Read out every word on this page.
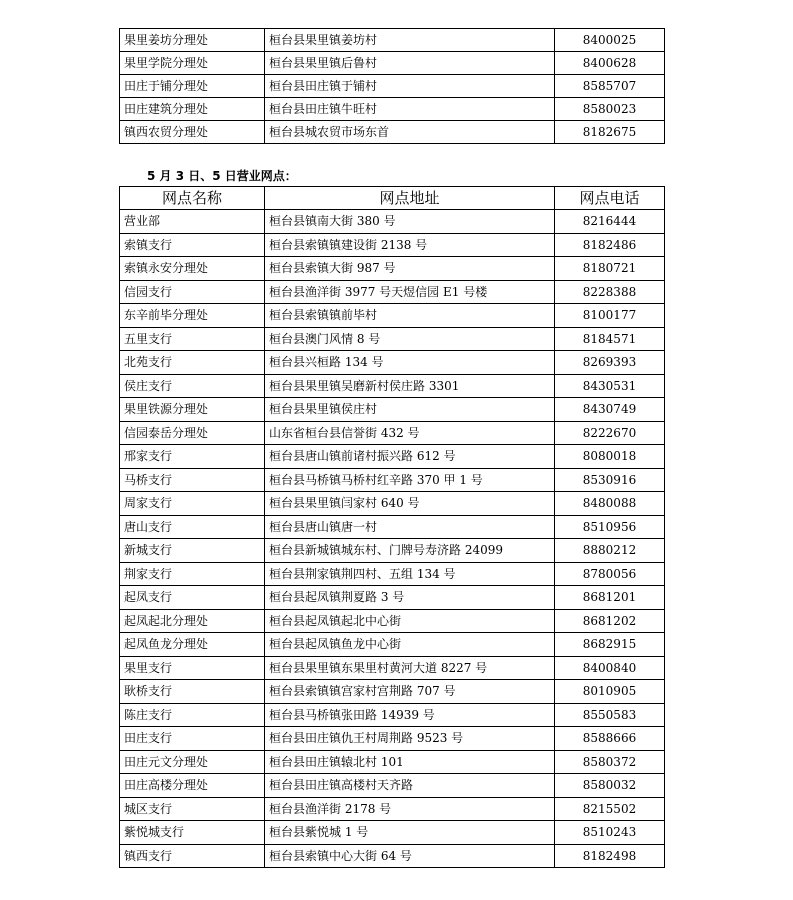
果里姜坊分理处	桓台县果里镇姜坊村	8400025
果里学院分理处	桓台县果里镇后鲁村	8400628
田庄于铺分理处	桓台县田庄镇于铺村	8585707
田庄建筑分理处	桓台县田庄镇牛旺村	8580023
镇西农贸分理处	桓台县城农贸市场东首	8182675
5 月 3 日、5 日营业网点：
网点名称	网点地址	网点电话
营业部	桓台县镇南大街 380 号	8216444
索镇支行	桓台县索镇镇建设街 2138 号	8182486
索镇永安分理处	桓台县索镇大街 987 号	8180721
信园支行	桓台县渔洋街 3977 号天煜信园 E1 号楼	8228388
东辛前毕分理处	桓台县索镇镇前毕村	8100177
五里支行	桓台县澳门风情 8 号	8184571
北苑支行	桓台县兴桓路 134 号	8269393
侯庄支行	桓台县果里镇吴磨新村侯庄路 3301	8430531
果里铁源分理处	桓台县果里镇侯庄村	8430749
信园泰岳分理处	山东省桓台县信誉街 432 号	8222670
邢家支行	桓台县唐山镇前诸村振兴路 612 号	8080018
马桥支行	桓台县马桥镇马桥村红辛路 370 甲 1 号	8530916
周家支行	桓台县果里镇闫家村 640 号	8480088
唐山支行	桓台县唐山镇唐一村	8510956
新城支行	桓台县新城镇城东村、门牌号寿济路 24099	8880212
荆家支行	桓台县荆家镇荆四村、五组 134 号	8780056
起凤支行	桓台县起凤镇荆夏路 3 号	8681201
起凤起北分理处	桓台县起凤镇起北中心街	8681202
起凤鱼龙分理处	桓台县起凤镇鱼龙中心街	8682915
果里支行	桓台县果里镇东果里村黄河大道 8227 号	8400840
耿桥支行	桓台县索镇镇宫家村宫荆路 707 号	8010905
陈庄支行	桓台县马桥镇张田路 14939 号	8550583
田庄支行	桓台县田庄镇仇王村周荆路 9523 号	8588666
田庄元文分理处	桓台县田庄镇辕北村 101	8580372
田庄高楼分理处	桓台县田庄镇高楼村天齐路	8580032
城区支行	桓台县渔洋街 2178 号	8215502
紫悦城支行	桓台县紫悦城 1 号	8510243
镇西支行	桓台县索镇中心大街 64 号	8182498
